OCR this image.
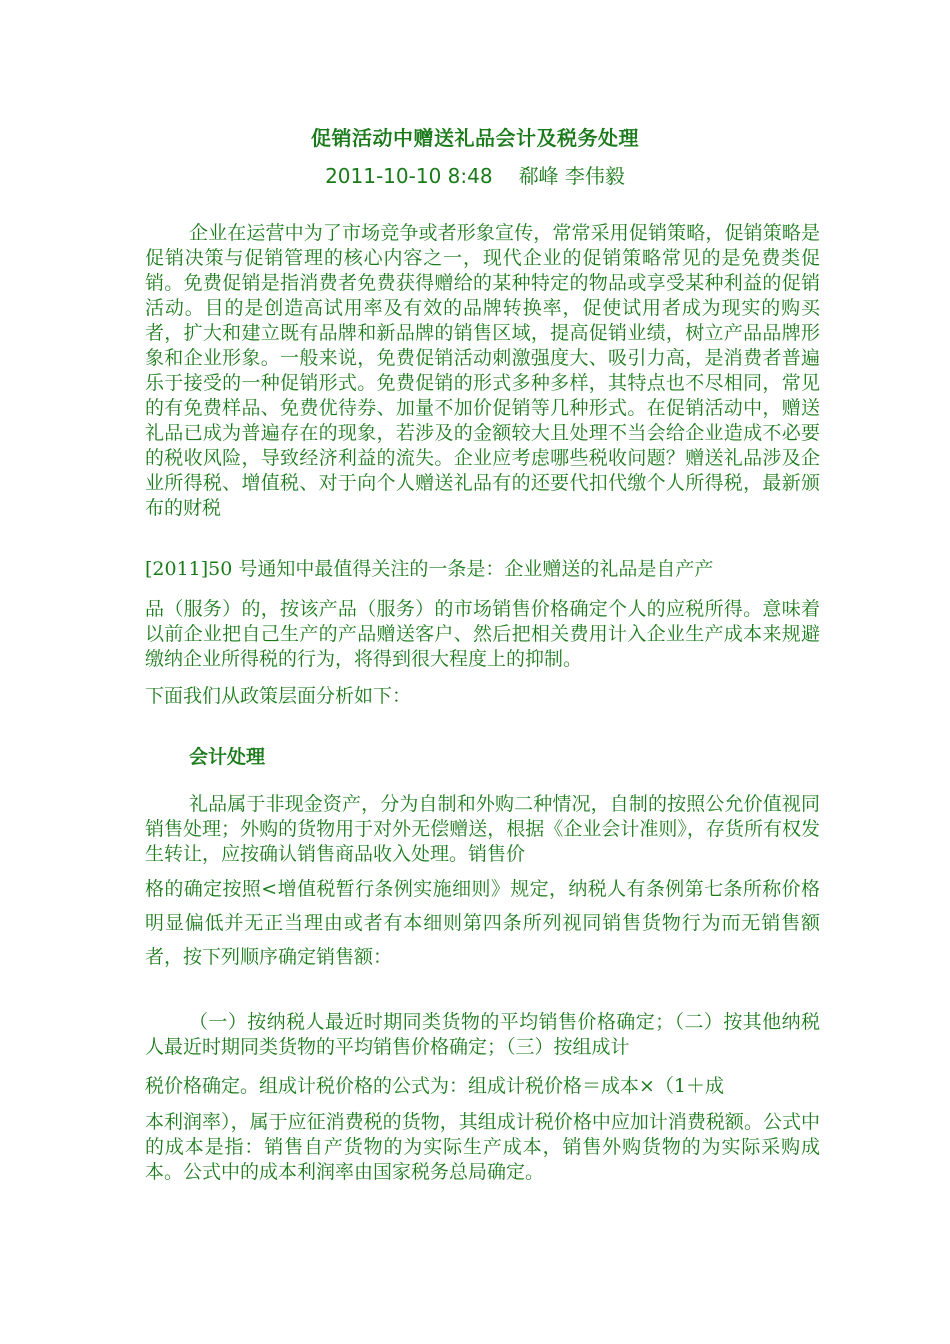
促销活动中赠送礼品会计及税务处理
2011-10-10 8:48 郗峰 李伟毅

企业在运营中为了市场竞争或者形象宣传，常常采用促销策略，促销策略是促销决策与促销管理的核心内容之一，现代企业的促销策略常见的是免费类促销。免费促销是指消费者免费获得赠给的某种特定的物品或享受某种利益的促销活动。目的是创造高试用率及有效的品牌转换率，促使试用者成为现实的购买者，扩大和建立既有品牌和新品牌的销售区域，提高促销业绩，树立产品品牌形象和企业形象。一般来说，免费促销活动刺激强度大、吸引力高，是消费者普遍乐于接受的一种促销形式。免费促销的形式多种多样，其特点也不尽相同，常见的有免费样品、免费优待券、加量不加价促销等几种形式。在促销活动中，赠送礼品已成为普遍存在的现象，若涉及的金额较大且处理不当会给企业造成不必要的税收风险，导致经济利益的流失。企业应考虑哪些税收问题？赠送礼品涉及企业所得税、增值税、对于向个人赠送礼品有的还要代扣代缴个人所得税，最新颁布的财税

[2011]50 号通知中最值得关注的一条是：企业赠送的礼品是自产产

品（服务）的，按该产品（服务）的市场销售价格确定个人的应税所得。意味着以前企业把自己生产的产品赠送客户、然后把相关费用计入企业生产成本来规避缴纳企业所得税的行为，将得到很大程度上的抑制。

下面我们从政策层面分析如下：

会计处理

礼品属于非现金资产，分为自制和外购二种情况，自制的按照公允价值视同销售处理；外购的货物用于对外无偿赠送，根据《企业会计准则》，存货所有权发生转让，应按确认销售商品收入处理。销售价

格的确定按照<增值税暂行条例实施细则》规定，纳税人有条例第七条所称价格明显偏低并无正当理由或者有本细则第四条所列视同销售货物行为而无销售额者，按下列顺序确定销售额：

（一）按纳税人最近时期同类货物的平均销售价格确定；（二）按其他纳税人最近时期同类货物的平均销售价格确定；（三）按组成计

税价格确定。组成计税价格的公式为：组成计税价格＝成本×（1＋成

本利润率），属于应征消费税的货物，其组成计税价格中应加计消费税额。公式中的成本是指：销售自产货物的为实际生产成本，销售外购货物的为实际采购成本。公式中的成本利润率由国家税务总局确定。
